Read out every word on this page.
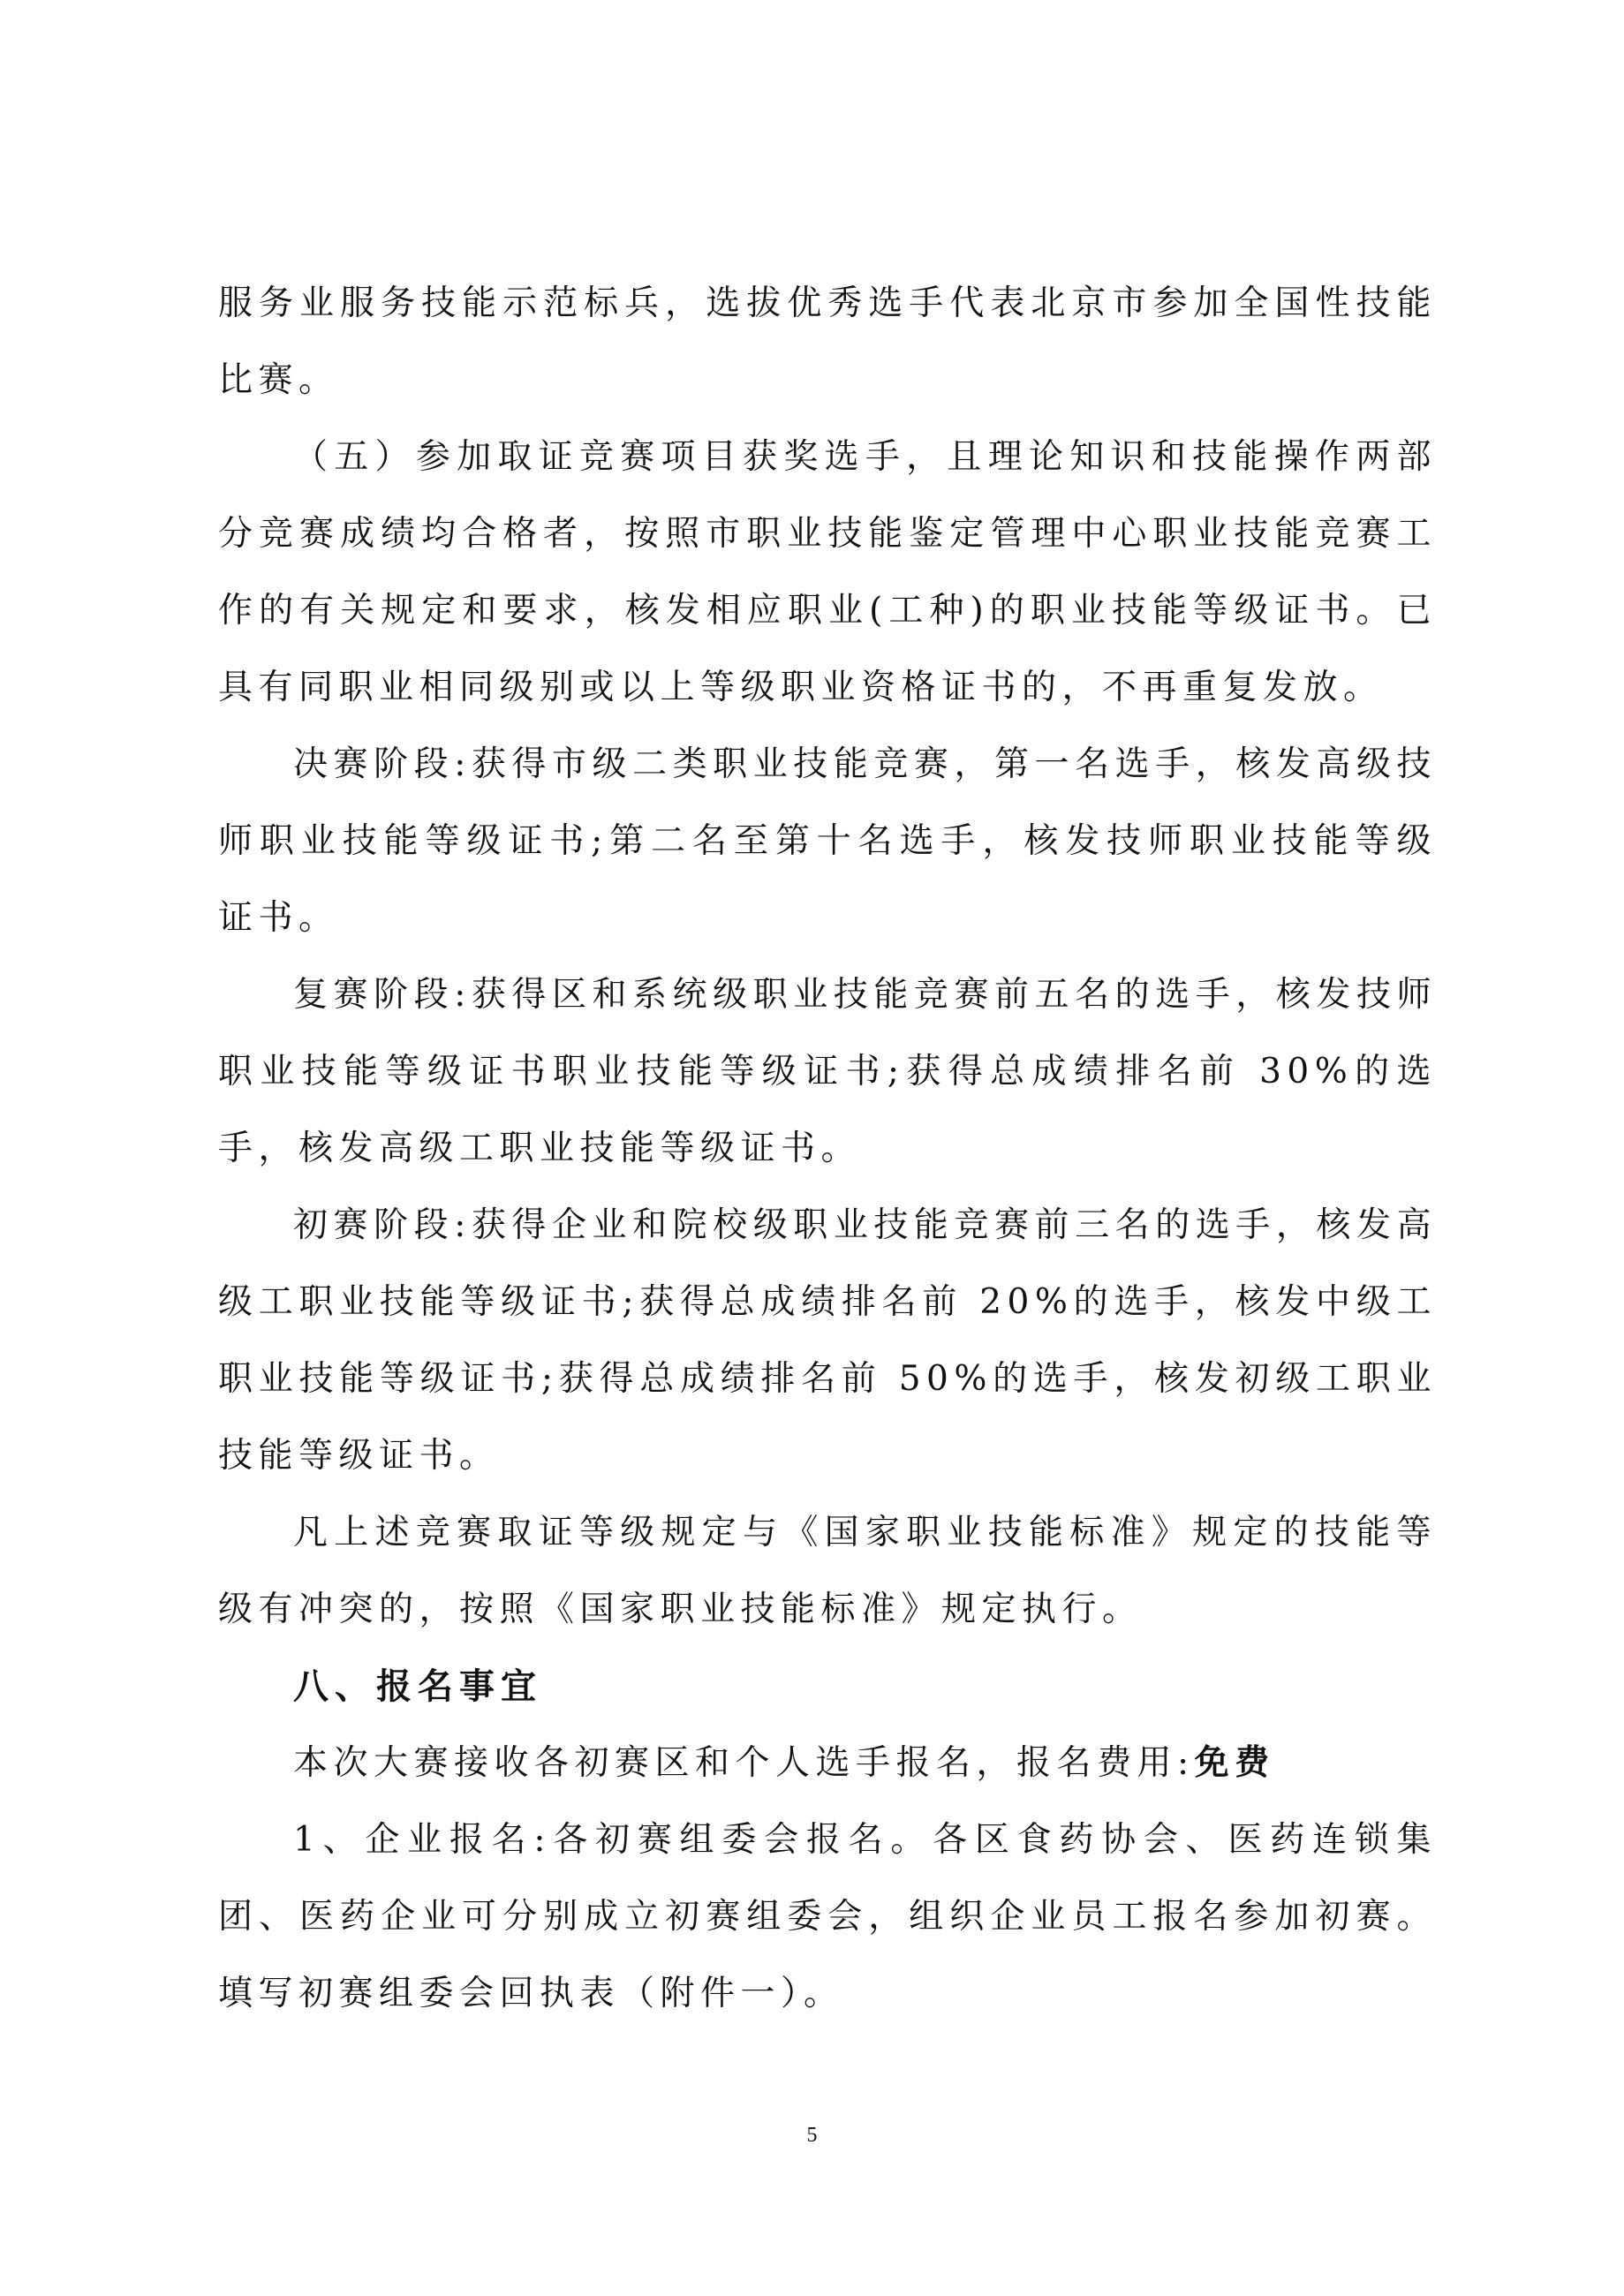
服务业服务技能示范标兵，选拔优秀选手代表北京市参加全国性技能比赛。

（五）参加取证竞赛项目获奖选手，且理论知识和技能操作两部分竞赛成绩均合格者，按照市职业技能鉴定管理中心职业技能竞赛工作的有关规定和要求，核发相应职业(工种)的职业技能等级证书。已具有同职业相同级别或以上等级职业资格证书的，不再重复发放。

决赛阶段:获得市级二类职业技能竞赛，第一名选手，核发高级技师职业技能等级证书;第二名至第十名选手，核发技师职业技能等级证书。

复赛阶段:获得区和系统级职业技能竞赛前五名的选手，核发技师职业技能等级证书职业技能等级证书;获得总成绩排名前 30%的选手，核发高级工职业技能等级证书。

初赛阶段:获得企业和院校级职业技能竞赛前三名的选手，核发高级工职业技能等级证书;获得总成绩排名前 20%的选手，核发中级工职业技能等级证书;获得总成绩排名前 50%的选手，核发初级工职业技能等级证书。

凡上述竞赛取证等级规定与《国家职业技能标准》规定的技能等级有冲突的，按照《国家职业技能标准》规定执行。

八、报名事宜

本次大赛接收各初赛区和个人选手报名，报名费用:免费

1、企业报名:各初赛组委会报名。各区食药协会、医药连锁集团、医药企业可分别成立初赛组委会，组织企业员工报名参加初赛。填写初赛组委会回执表（附件一）。

5
